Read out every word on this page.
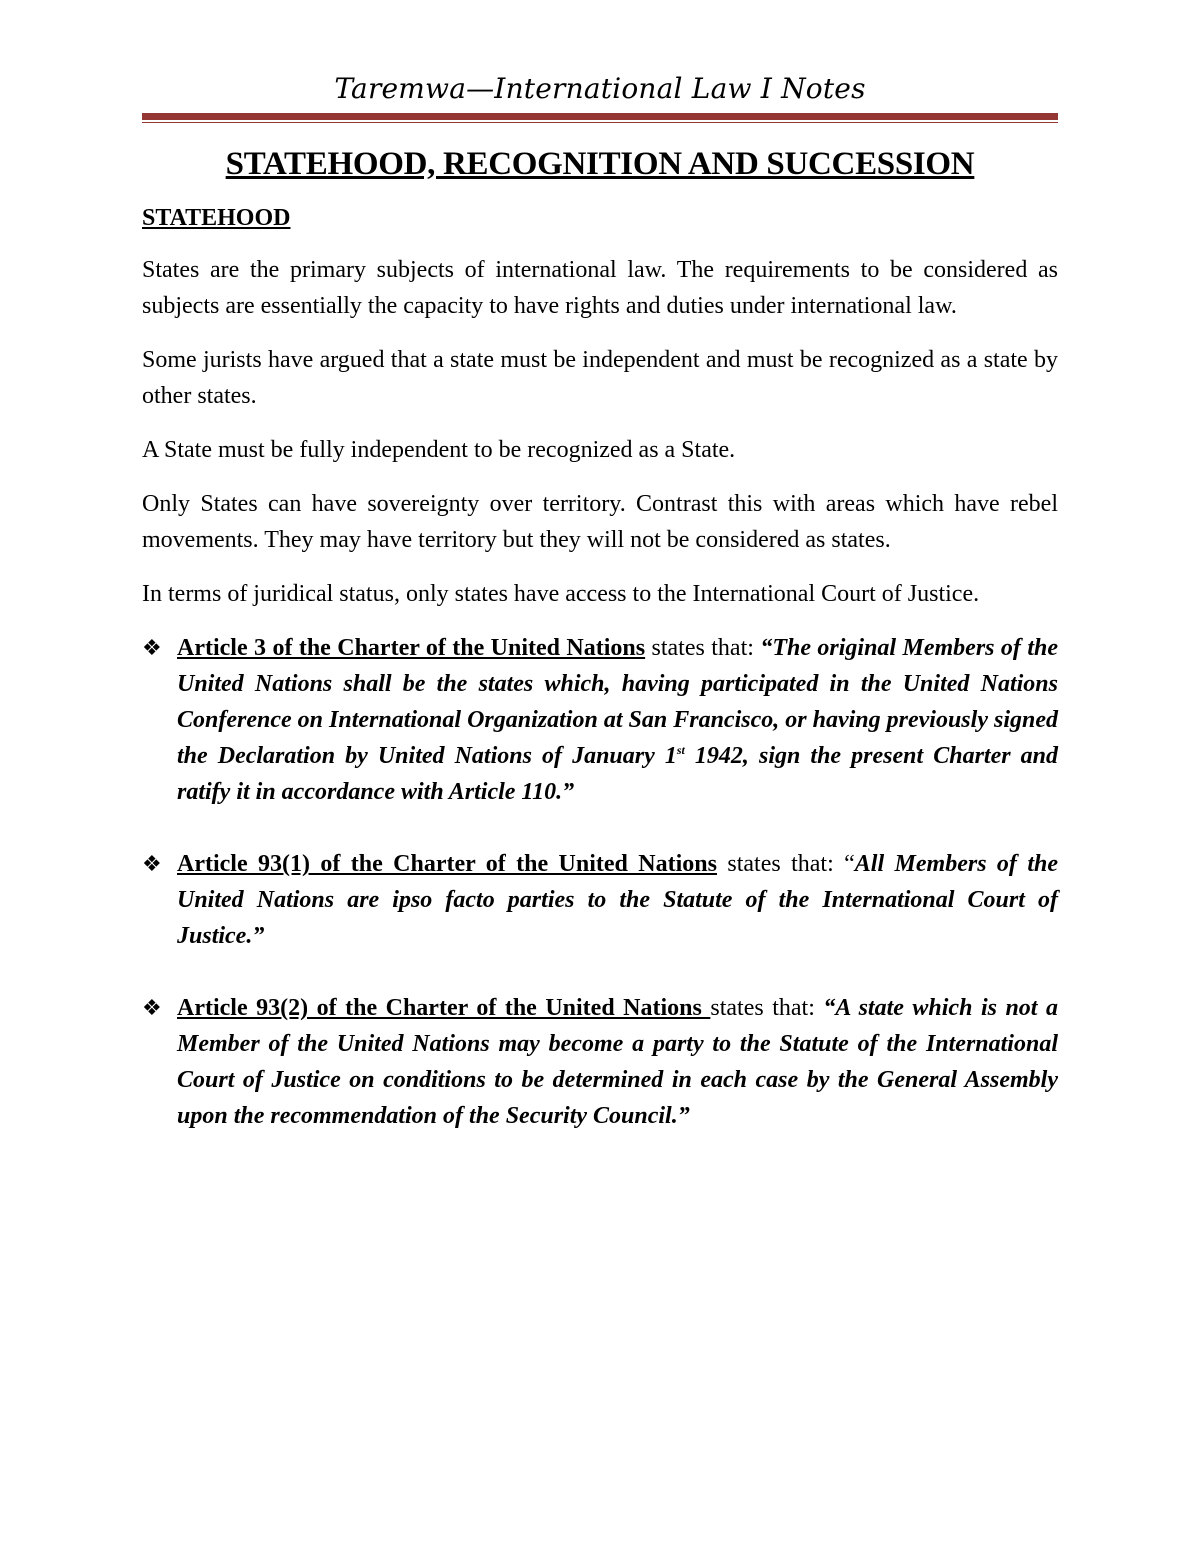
Taremwa—International Law I Notes
STATEHOOD, RECOGNITION AND SUCCESSION
STATEHOOD

States are the primary subjects of international law. The requirements to be considered as subjects are essentially the capacity to have rights and duties under international law.

Some jurists have argued that a state must be independent and must be recognized as a state by other states.

A State must be fully independent to be recognized as a State.

Only States can have sovereignty over territory. Contrast this with areas which have rebel movements. They may have territory but they will not be considered as states.

In terms of juridical status, only states have access to the International Court of Justice.

❖ Article 3 of the Charter of the United Nations states that: “The original Members of the United Nations shall be the states which, having participated in the United Nations Conference on International Organization at San Francisco, or having previously signed the Declaration by United Nations of January 1st 1942, sign the present Charter and ratify it in accordance with Article 110.”
❖ Article 93(1) of the Charter of the United Nations states that: “All Members of the United Nations are ipso facto parties to the Statute of the International Court of Justice.”
❖ Article 93(2) of the Charter of the United Nations states that: “A state which is not a Member of the United Nations may become a party to the Statute of the International Court of Justice on conditions to be determined in each case by the General Assembly upon the recommendation of the Security Council.”
